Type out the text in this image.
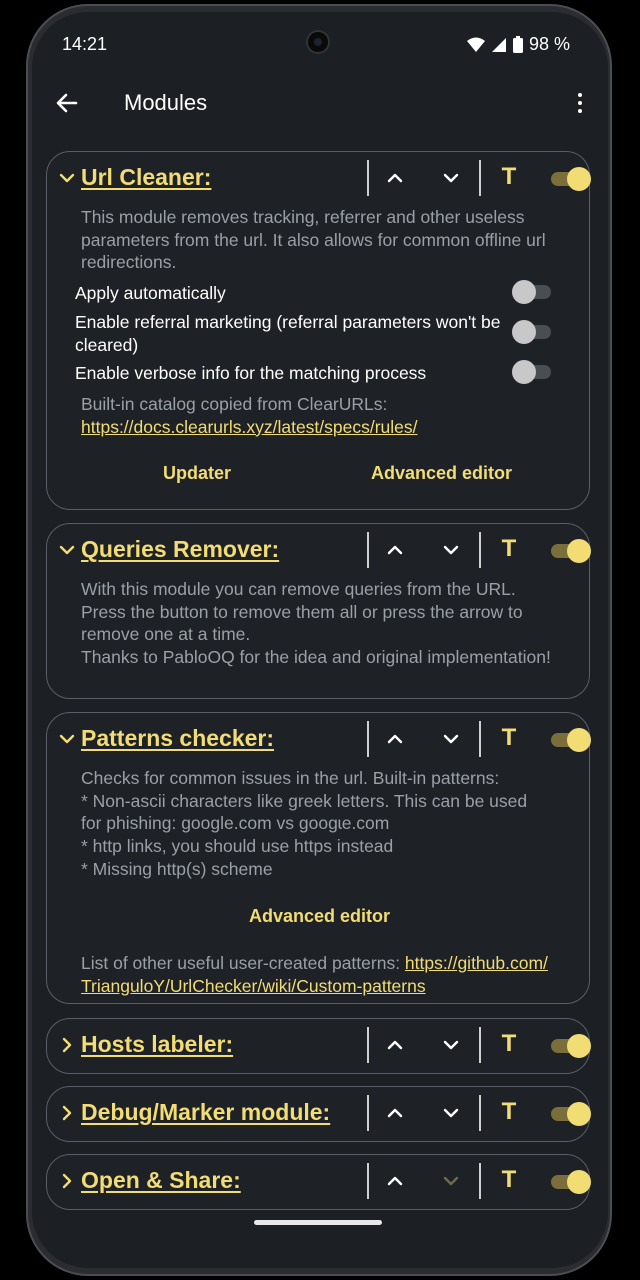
14:21	98 %
Modules
Url Cleaner:	T
This module removes tracking, referrer and other useless parameters from the url. It also allows for common offline url redirections.
Apply automatically
Enable referral marketing (referral parameters won't be cleared)
Enable verbose info for the matching process
Built-in catalog copied from ClearURLs:
https://docs.clearurls.xyz/latest/specs/rules/
Updater	Advanced editor
Queries Remover:	T
With this module you can remove queries from the URL. Press the button to remove them all or press the arrow to remove one at a time.
Thanks to PabloOQ for the idea and original implementation!
Patterns checker:	T
Checks for common issues in the url. Built-in patterns:
* Non-ascii characters like greek letters. This can be used for phishing: google.com vs googɩe.com
* http links, you should use https instead
* Missing http(s) scheme
Advanced editor
List of other useful user-created patterns: https://github.com/TrianguloY/UrlChecker/wiki/Custom-patterns
Hosts labeler:	T
Debug/Marker module:	T
Open & Share:	T
